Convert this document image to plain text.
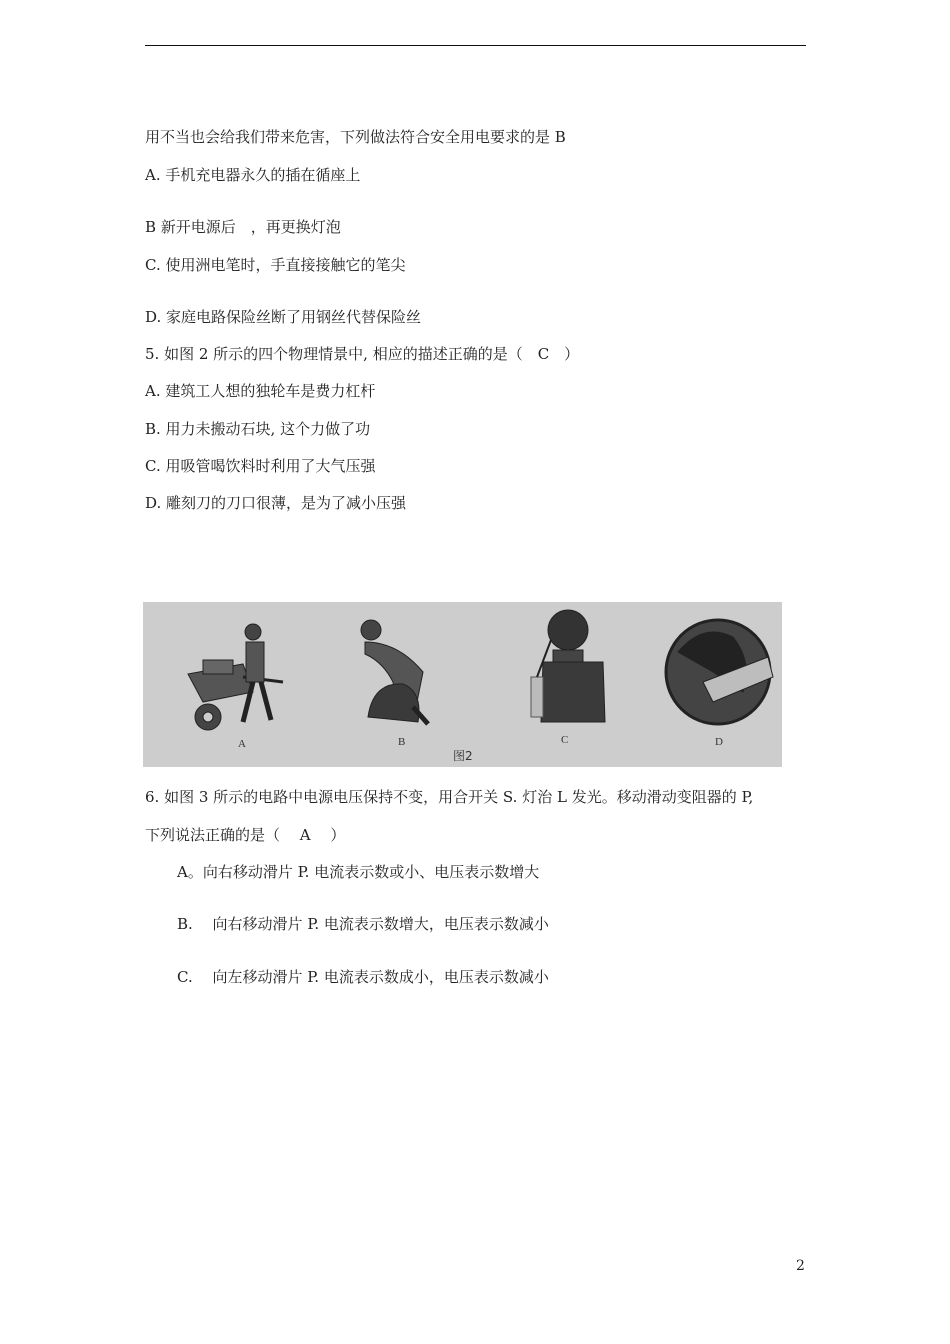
用不当也会给我们带来危害，下列做法符合安全用电要求的是 B
A. 手机充电器永久的插在循座上
B 新开电源后　，再更换灯泡
C. 使用洲电笔时，手直接接触它的笔尖
D. 家庭电路保险丝断了用钢丝代替保险丝
5. 如图 2 所示的四个物理情景中, 相应的描述正确的是（　C　）
A. 建筑工人想的独轮车是费力杠杆
B. 用力未搬动石块, 这个力做了功
C. 用吸管喝饮料时利用了大气压强
D. 雕刻刀的刀口很薄，是为了减小压强
A	B	C	D
图2
6. 如图 3 所示的电路中电源电压保持不变，用合开关 S. 灯治 L 发光。移动滑动变阻器的 P,
下列说法正确的是（　 A　 ）
A。向右移动滑片 P. 电流表示数或小、电压表示数增大
B.　 向右移动滑片 P. 电流表示数增大，电压表示数减小
C.　 向左移动滑片 P. 电流表示数成小，电压表示数减小
2
